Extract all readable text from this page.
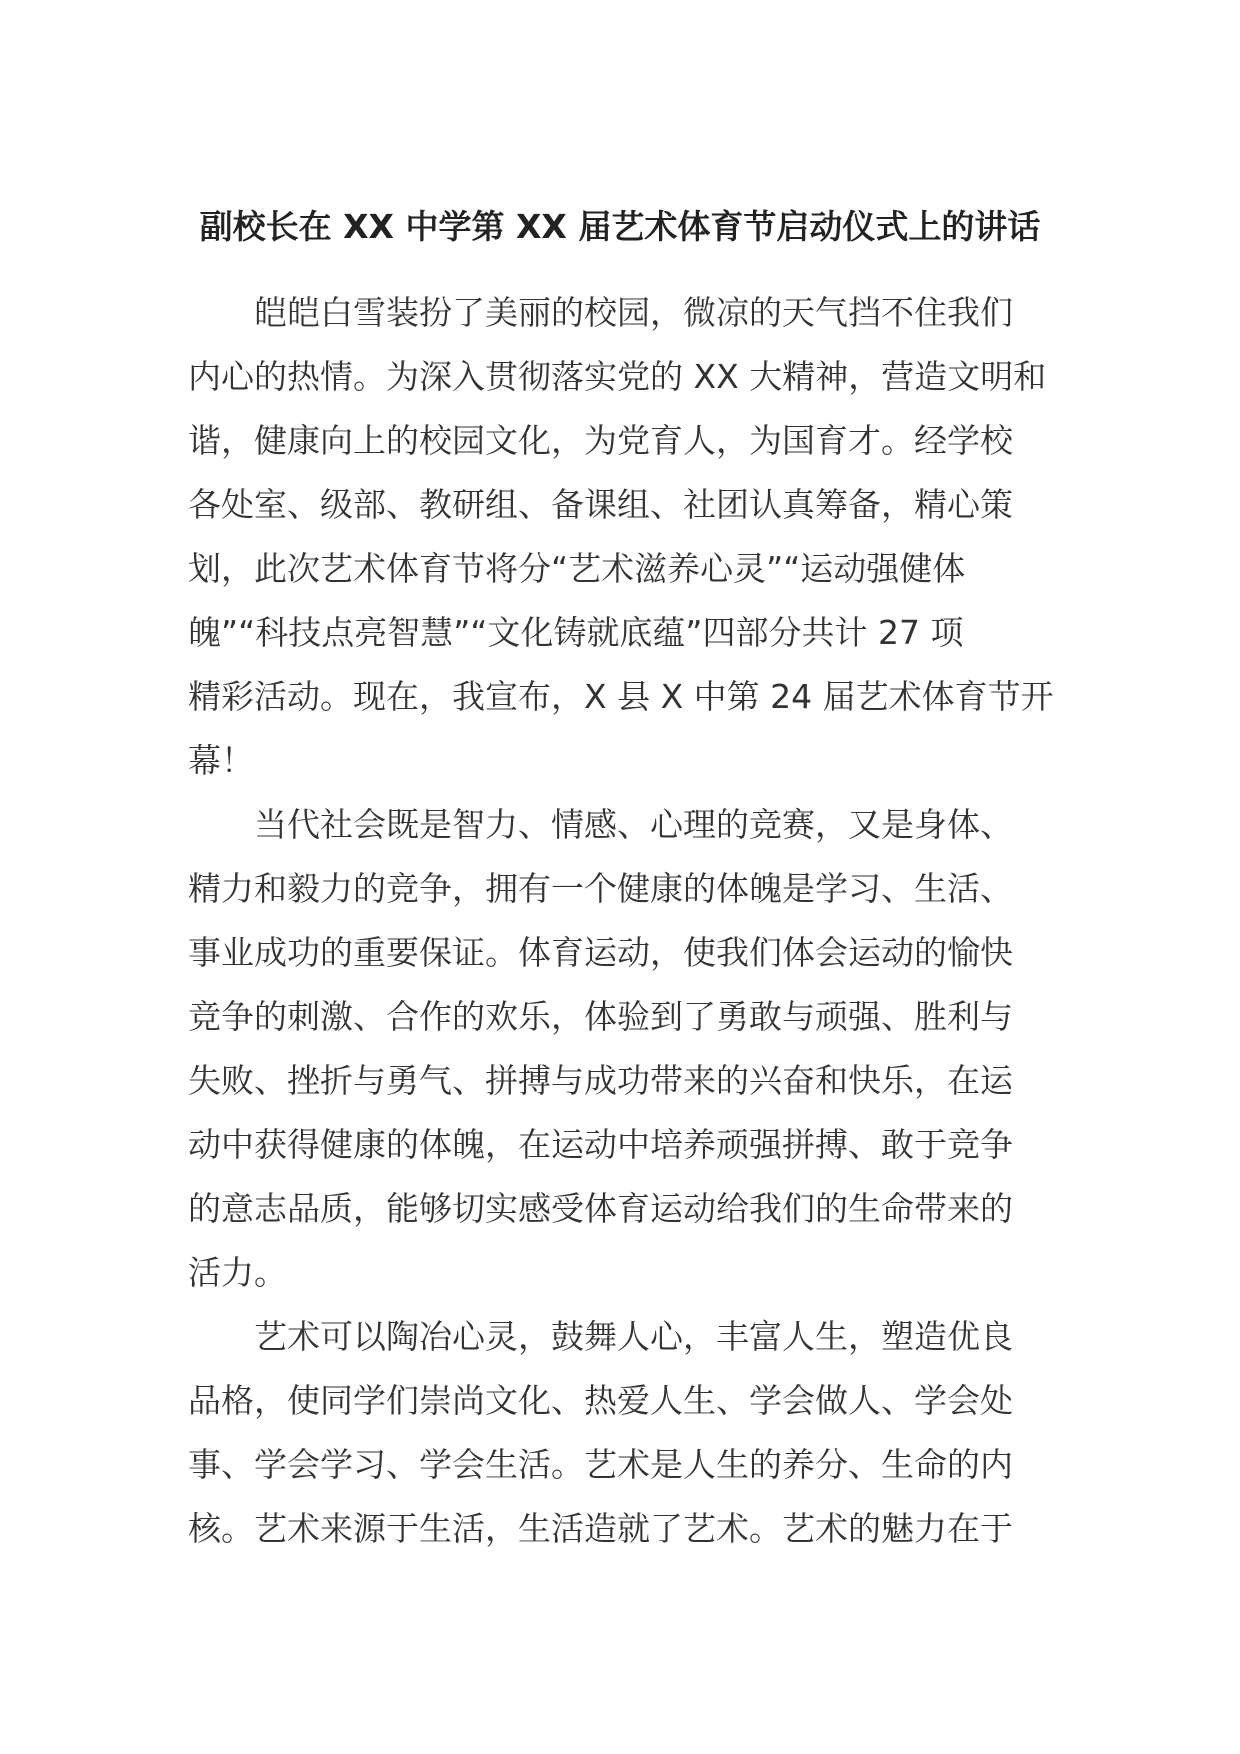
副校长在 XX 中学第 XX 届艺术体育节启动仪式上的讲话

　　皑皑白雪装扮了美丽的校园，微凉的天气挡不住我们

内心的热情。为深入贯彻落实党的 XX 大精神，营造文明和

谐，健康向上的校园文化，为党育人，为国育才。经学校

各处室、级部、教研组、备课组、社团认真筹备，精心策

划，此次艺术体育节将分“艺术滋养心灵”“运动强健体

魄”“科技点亮智慧”“文化铸就底蕴”四部分共计 27 项

精彩活动。现在，我宣布，X 县 X 中第 24 届艺术体育节开

幕！

　　当代社会既是智力、情感、心理的竞赛，又是身体、

精力和毅力的竞争，拥有一个健康的体魄是学习、生活、

事业成功的重要保证。体育运动，使我们体会运动的愉快

竞争的刺激、合作的欢乐，体验到了勇敢与顽强、胜利与

失败、挫折与勇气、拼搏与成功带来的兴奋和快乐，在运

动中获得健康的体魄，在运动中培养顽强拼搏、敢于竞争

的意志品质，能够切实感受体育运动给我们的生命带来的

活力。

　　艺术可以陶冶心灵，鼓舞人心，丰富人生，塑造优良

品格，使同学们崇尚文化、热爱人生、学会做人、学会处

事、学会学习、学会生活。艺术是人生的养分、生命的内

核。艺术来源于生活，生活造就了艺术。艺术的魅力在于
